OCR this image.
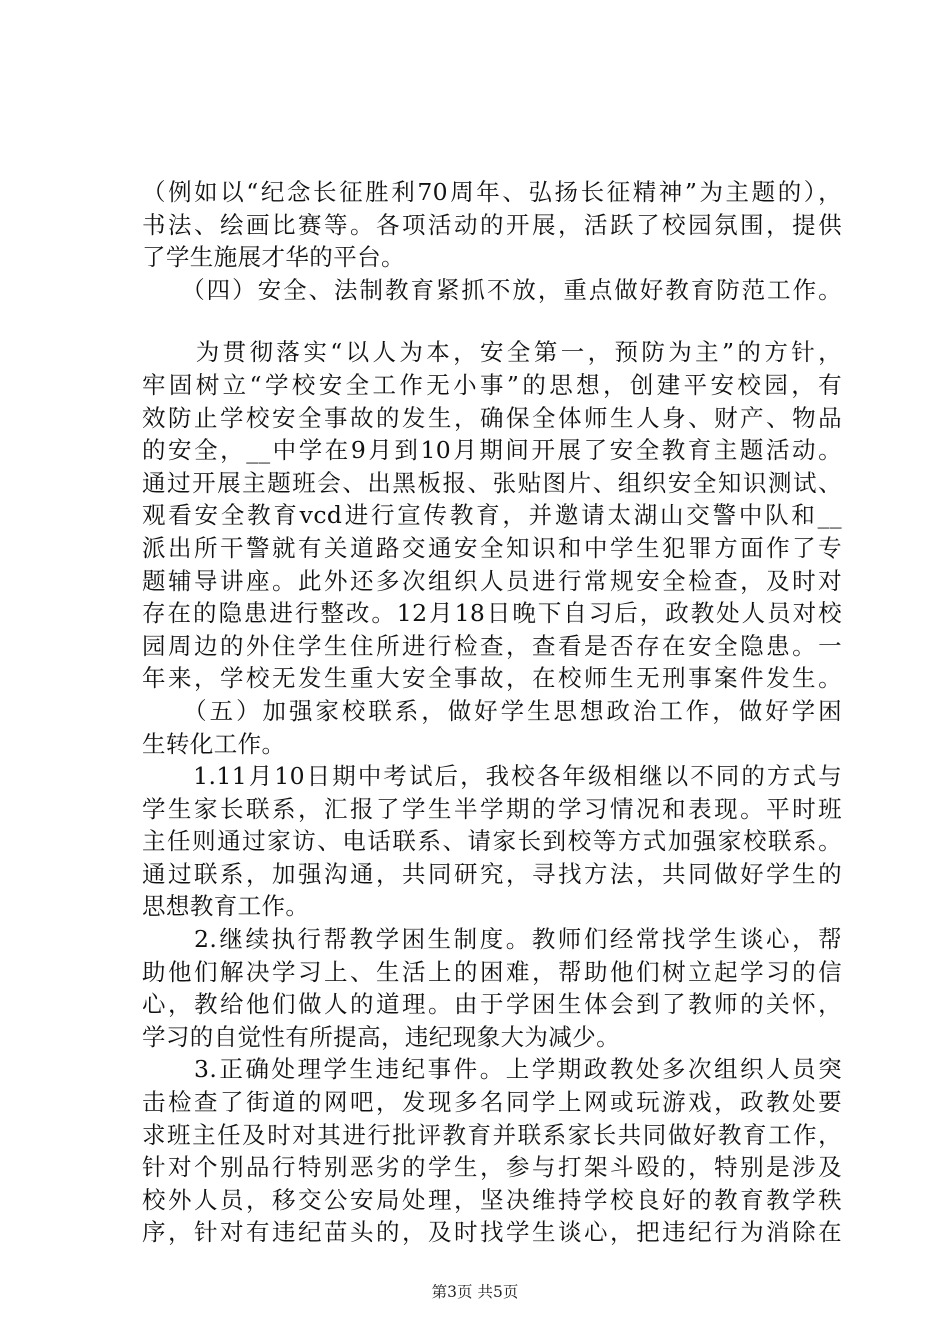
（例如以“纪念长征胜利70周年、弘扬长征精神”为主题的），
书法、绘画比赛等。各项活动的开展，活跃了校园氛围，提供
了学生施展才华的平台。
　　（四）安全、法制教育紧抓不放，重点做好教育防范工作。
　　为贯彻落实“以人为本，安全第一，预防为主”的方针，
牢固树立“学校安全工作无小事”的思想，创建平安校园，有
效防止学校安全事故的发生，确保全体师生人身、财产、物品
的安全，__中学在9月到10月期间开展了安全教育主题活动。
通过开展主题班会、出黑板报、张贴图片、组织安全知识测试、
观看安全教育vcd进行宣传教育，并邀请太湖山交警中队和__
派出所干警就有关道路交通安全知识和中学生犯罪方面作了专
题辅导讲座。此外还多次组织人员进行常规安全检查，及时对
存在的隐患进行整改。12月18日晚下自习后，政教处人员对校
园周边的外住学生住所进行检查，查看是否存在安全隐患。一
年来，学校无发生重大安全事故，在校师生无刑事案件发生。
　　（五）加强家校联系，做好学生思想政治工作，做好学困
生转化工作。
　　1.11月10日期中考试后，我校各年级相继以不同的方式与
学生家长联系，汇报了学生半学期的学习情况和表现。平时班
主任则通过家访、电话联系、请家长到校等方式加强家校联系。
通过联系，加强沟通，共同研究，寻找方法，共同做好学生的
思想教育工作。
　　2.继续执行帮教学困生制度。教师们经常找学生谈心，帮
助他们解决学习上、生活上的困难，帮助他们树立起学习的信
心，教给他们做人的道理。由于学困生体会到了教师的关怀，
学习的自觉性有所提高，违纪现象大为减少。
　　3.正确处理学生违纪事件。上学期政教处多次组织人员突
击检查了街道的网吧，发现多名同学上网或玩游戏，政教处要
求班主任及时对其进行批评教育并联系家长共同做好教育工作，
针对个别品行特别恶劣的学生，参与打架斗殴的，特别是涉及
校外人员，移交公安局处理，坚决维持学校良好的教育教学秩
序，针对有违纪苗头的，及时找学生谈心，把违纪行为消除在
第3页 共5页
